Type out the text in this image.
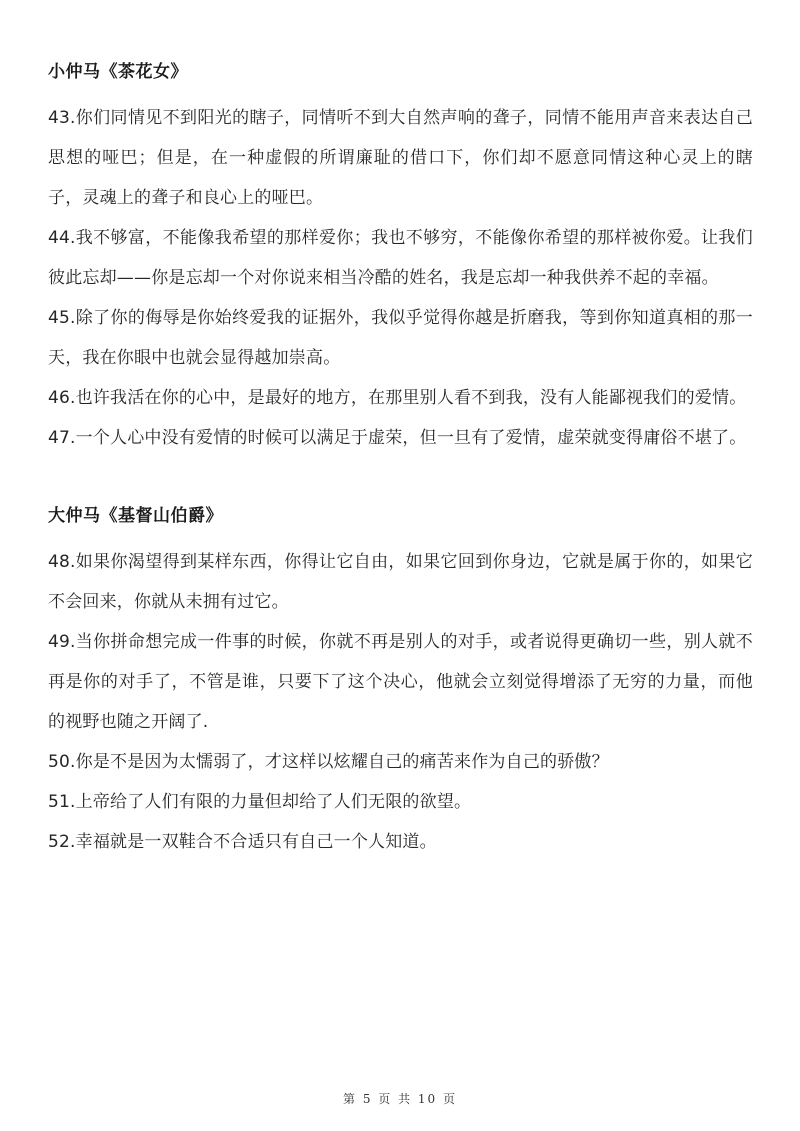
小仲马《茶花女》

43.你们同情见不到阳光的瞎子，同情听不到大自然声响的聋子，同情不能用声音来表达自己思想的哑巴；但是，在一种虚假的所谓廉耻的借口下，你们却不愿意同情这种心灵上的瞎子，灵魂上的聋子和良心上的哑巴。

44.我不够富，不能像我希望的那样爱你；我也不够穷，不能像你希望的那样被你爱。让我们彼此忘却——你是忘却一个对你说来相当冷酷的姓名，我是忘却一种我供养不起的幸福。

45.除了你的侮辱是你始终爱我的证据外，我似乎觉得你越是折磨我，等到你知道真相的那一天，我在你眼中也就会显得越加崇高。

46.也许我活在你的心中，是最好的地方，在那里别人看不到我，没有人能鄙视我们的爱情。

47.一个人心中没有爱情的时候可以满足于虚荣，但一旦有了爱情，虚荣就变得庸俗不堪了。

大仲马《基督山伯爵》

48.如果你渴望得到某样东西，你得让它自由，如果它回到你身边，它就是属于你的，如果它不会回来，你就从未拥有过它。

49.当你拼命想完成一件事的时候，你就不再是别人的对手，或者说得更确切一些，别人就不再是你的对手了，不管是谁，只要下了这个决心，他就会立刻觉得增添了无穷的力量，而他的视野也随之开阔了.

50.你是不是因为太懦弱了，才这样以炫耀自己的痛苦来作为自己的骄傲？

51.上帝给了人们有限的力量但却给了人们无限的欲望。

52.幸福就是一双鞋合不合适只有自己一个人知道。

第 5 页 共 10 页
